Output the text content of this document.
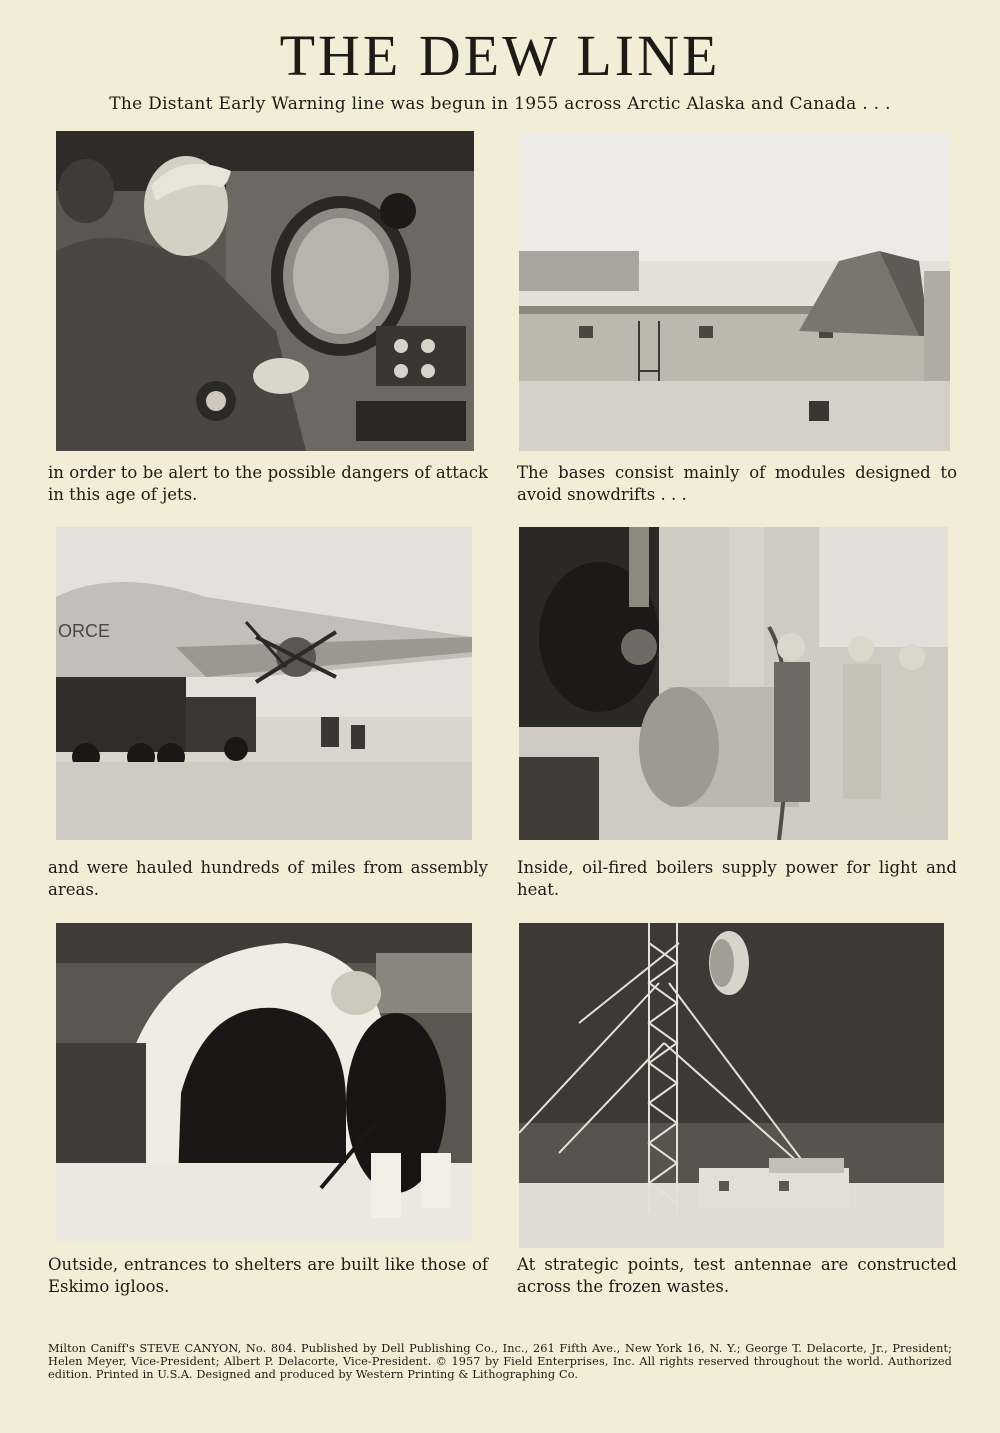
THE DEW LINE

The Distant Early Warning line was begun in 1955 across Arctic Alaska and Canada . . .

in order to be alert to the possible dangers of attack in this age of jets.

The bases consist mainly of modules designed to avoid snowdrifts . . .

ORCE

and were hauled hundreds of miles from assembly areas.

Inside, oil-fired boilers supply power for light and heat.

Outside, entrances to shelters are built like those of Eskimo igloos.

At strategic points, test antennae are constructed across the frozen wastes.

Milton Caniff's STEVE CANYON, No. 804. Published by Dell Publishing Co., Inc., 261 Fifth Ave., New York 16, N. Y.; George T. Delacorte, Jr., President; Helen Meyer, Vice-President; Albert P. Delacorte, Vice-President. © 1957 by Field Enterprises, Inc. All rights reserved throughout the world. Authorized edition. Printed in U.S.A. Designed and produced by Western Printing & Lithographing Co.
